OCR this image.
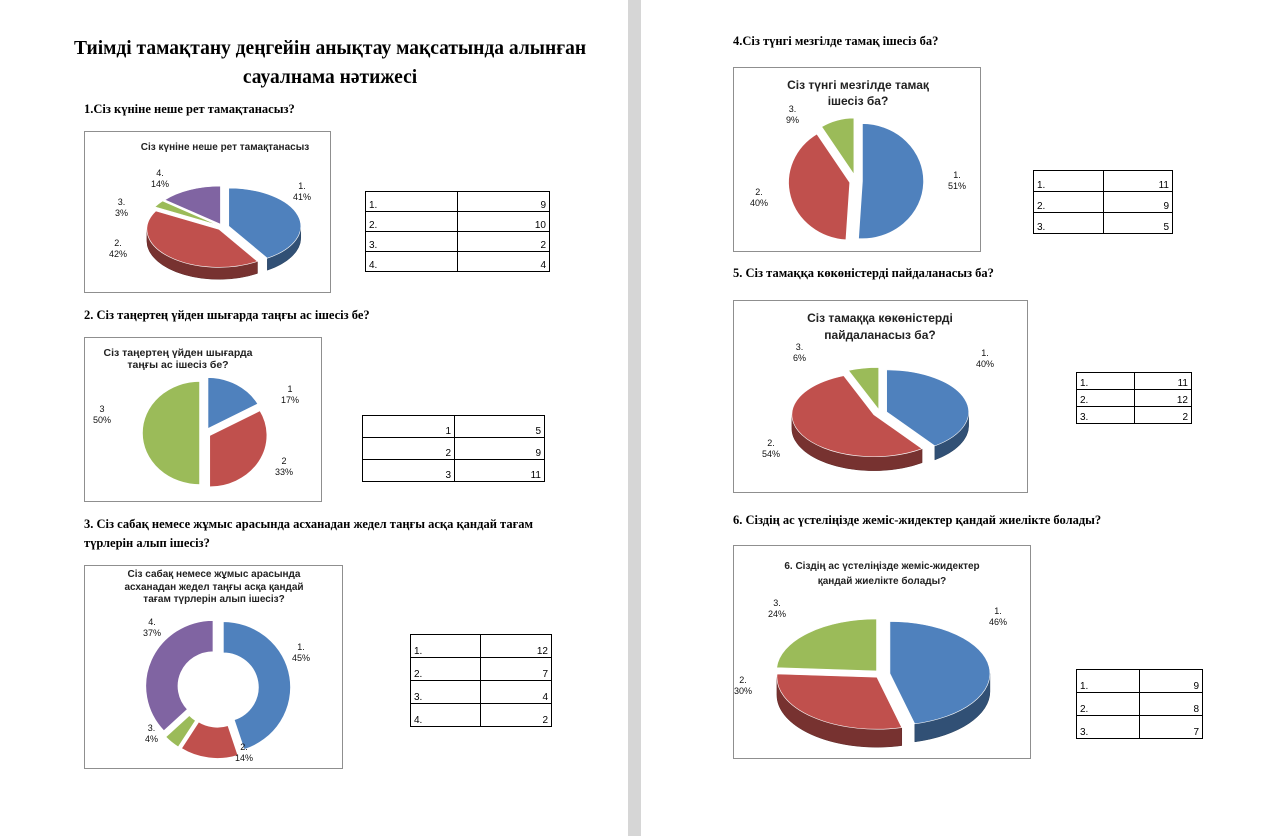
Тиімді тамақтану деңгейін анықтау мақсатында алынған сауалнама нәтижесі
1.Сіз күніне неше рет тамақтанасыз?
Сіз күніне неше рет тамақтанасыз
1.
41%
2.
42%
3.
3%
4.
14%
1.	9
2.	10
3.	2
4.	4
2. Сіз таңертең үйден шығарда таңғы ас ішесіз бе?
Сіз таңертең үйден шығарда таңғы ас ішесіз бе?
1
17%
2
33%
3
50%
1	5
2	9
3	11
3. Сіз сабақ немесе жұмыс арасында асханадан жедел таңғы асқа қандай тағам түрлерін алып ішесіз?
Сіз сабақ немесе жұмыс арасында асханадан жедел таңғы асқа қандай тағам түрлерін алып ішесіз?
1.
45%
2.
14%
3.
4%
4.
37%
1.	12
2.	7
3.	4
4.	2
4.Сіз түнгі мезгілде тамақ ішесіз ба?
Сіз түнгі мезгілде тамақ ішесіз ба?
1.
51%
2.
40%
3.
9%
1.	11
2.	9
3.	5
5. Сіз тамаққа көкөністерді пайдаланасыз ба?
Сіз тамаққа көкөністерді пайдаланасыз ба?
1.
40%
2.
54%
3.
6%
1.	11
2.	12
3.	2
6. Сіздің ас үстеліңізде жеміс-жидектер қандай жиелікте болады?
6. Сіздің ас үстеліңізде жеміс-жидектер қандай жиелікте болады?
1.
46%
2.
30%
3.
24%
1.	9
2.	8
3.	7
